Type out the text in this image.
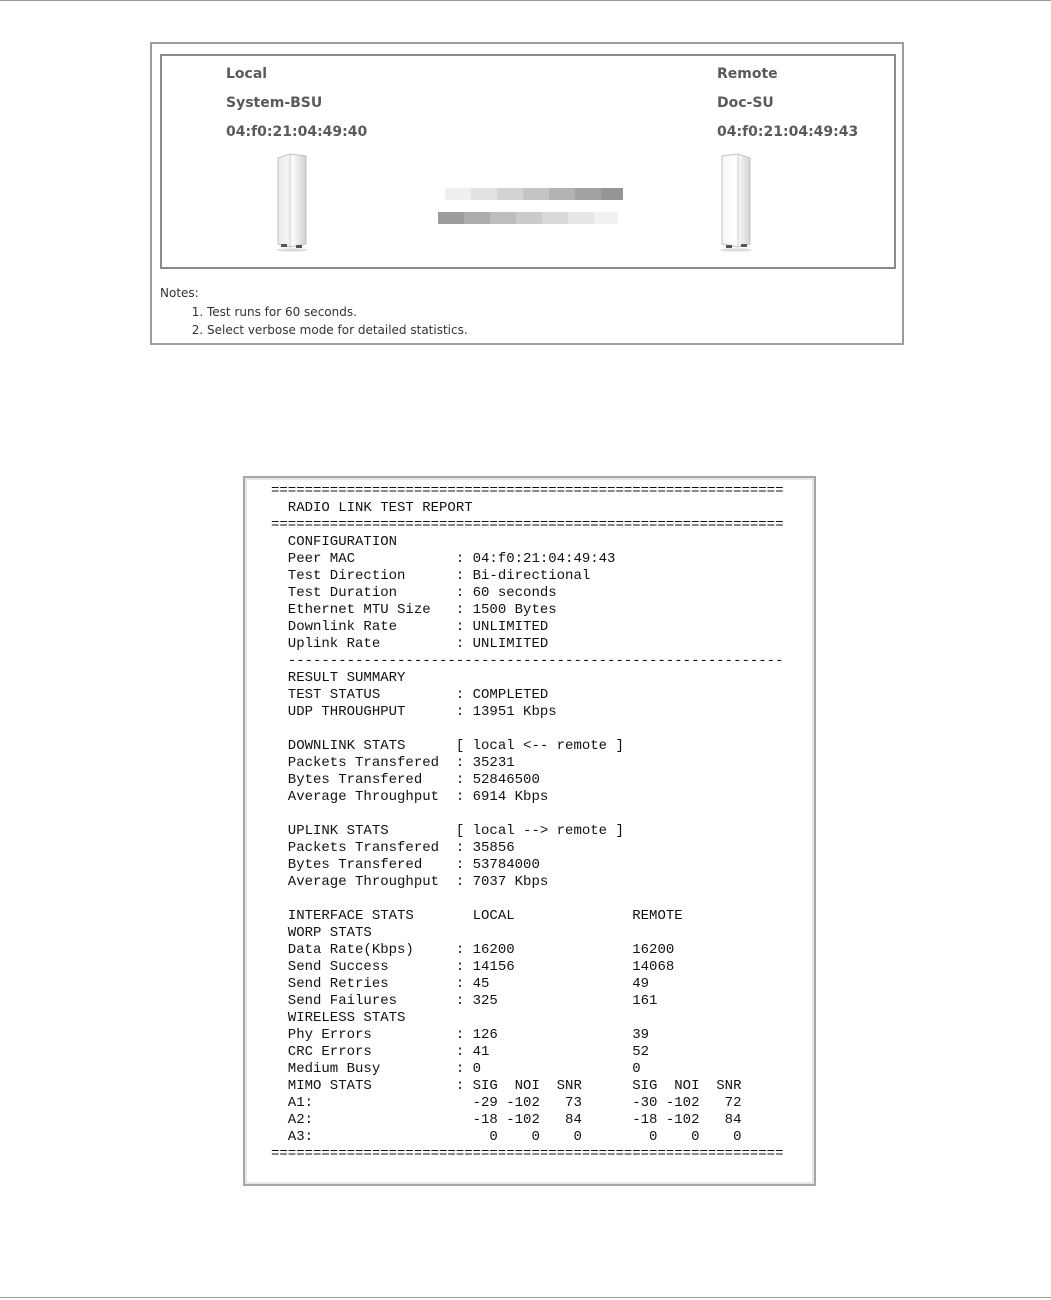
Local
System-BSU
04:f0:21:04:49:40
Remote
Doc-SU
04:f0:21:04:49:43
Notes:
1. Test runs for 60 seconds.
2. Select verbose mode for detailed statistics.
=============================================================
RADIO LINK TEST REPORT
=============================================================
CONFIGURATION
Peer MAC            : 04:f0:21:04:49:43
Test Direction      : Bi-directional
Test Duration       : 60 seconds
Ethernet MTU Size   : 1500 Bytes
Downlink Rate       : UNLIMITED
Uplink Rate         : UNLIMITED
-----------------------------------------------------------
RESULT SUMMARY
TEST STATUS         : COMPLETED
UDP THROUGHPUT      : 13951 Kbps

DOWNLINK STATS      [ local <-- remote ]
Packets Transfered  : 35231
Bytes Transfered    : 52846500
Average Throughput  : 6914 Kbps

UPLINK STATS        [ local --> remote ]
Packets Transfered  : 35856
Bytes Transfered    : 53784000
Average Throughput  : 7037 Kbps

INTERFACE STATS       LOCAL              REMOTE
WORP STATS
Data Rate(Kbps)     : 16200              16200
Send Success        : 14156              14068
Send Retries        : 45                 49
Send Failures       : 325                161
WIRELESS STATS
Phy Errors          : 126                39
CRC Errors          : 41                 52
Medium Busy         : 0                  0
MIMO STATS          : SIG  NOI  SNR      SIG  NOI  SNR
A1:                   -29 -102   73      -30 -102   72
A2:                   -18 -102   84      -18 -102   84
A3:                     0    0    0        0    0    0
=============================================================
